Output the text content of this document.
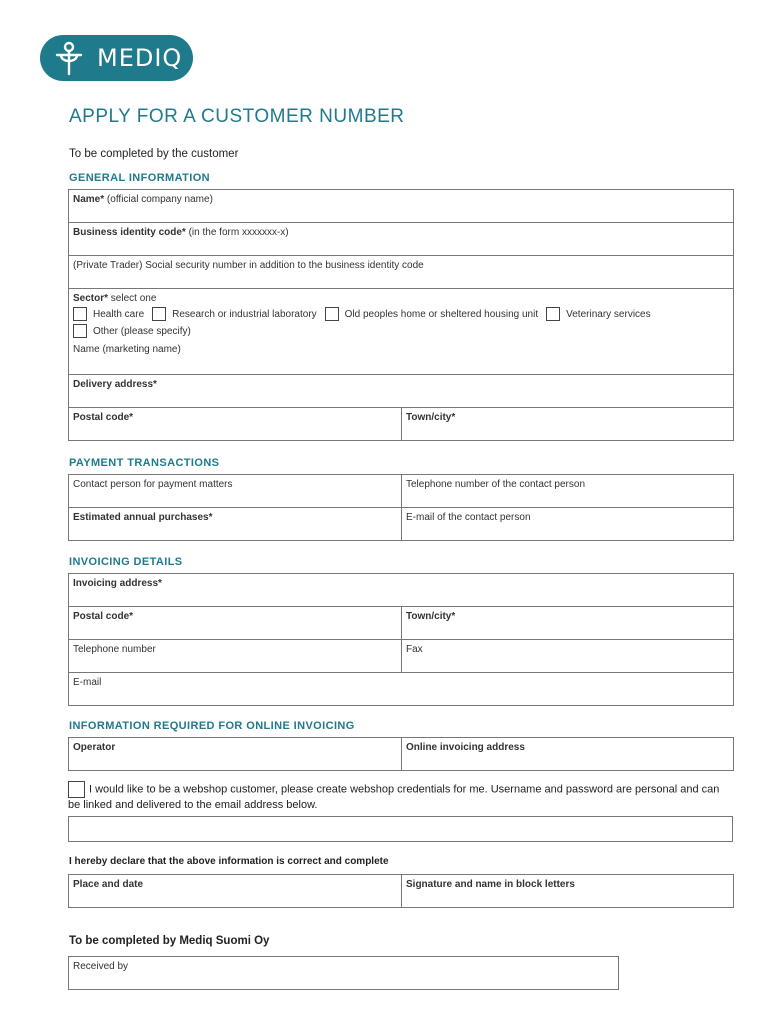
MEDIQ
APPLY FOR A CUSTOMER NUMBER
To be completed by the customer
GENERAL INFORMATION
Name* (official company name)
Business identity code* (in the form xxxxxxx-x)
(Private Trader) Social security number in addition to the business identity code

Sector* select one
Health care	Research or industrial laboratory	Old peoples home or sheltered housing unit	Veterinary services
Other (please specify)

Name (marketing name)
Delivery address*
Postal code*	Town/city*
PAYMENT TRANSACTIONS
Contact person for payment matters	Telephone number of the contact person
Estimated annual purchases*	E-mail of the contact person
INVOICING DETAILS
Invoicing address*	
Postal code*	Town/city*
Telephone number	Fax
E-mail	
INFORMATION REQUIRED FOR ONLINE INVOICING
Operator	Online invoicing address
I would like to be a webshop customer, please create webshop credentials for me. Username and password are personal and can be linked and delivered to the email address below.
I hereby declare that the above information is correct and complete
Place and date	Signature and name in block letters
To be completed by Mediq Suomi Oy
Received by
